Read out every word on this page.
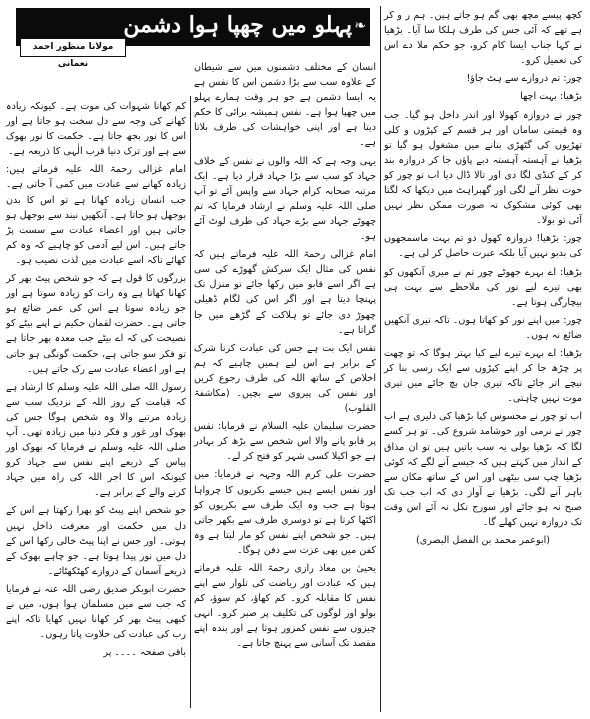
کچھ پیسے مچھ بھی گم ہو جاتے ہیں۔ ہم ر و کر ہے تھے کہ آئی جس کی طرف ہلکا سا آیا۔ بڑھیا نے کہا جناب ایسا کام کرو، جو حکم ملا دے اس کی تعمیل کرو۔

چور: تم دروازے سے ہٹ جاؤ!

بڑھیا: بہت اچھا

چور نے دروازہ کھولا اور اندر داخل ہو گیا۔ جب وہ قیمتی سامان اور ہر قسم کے کپڑوں و کلی تھڑیوں کی گٹھڑی بنانے میں مشغول ہو گیا تو بڑھیا نے آہستہ آہستہ دبے پاؤں جا کر دروازہ بند کر کے کنڈی لگا دی اور تالا ڈال دیا اب تو چور کو حوت نظر آنے لگی اور گھبراہٹ میں دیکھا کہ لگتا بھی کوئی مشکوک نہ صورت ممکن نظر نہیں آئی تو بولا۔

چور: بڑھیا! دروازہ کھول دو تم بہت ماسمجھوں کی بدبو نہیں آیا بلکہ عبرت حاصل کر لی ہے۔

بڑھیا: اے بہرے جھوٹے چور تم نے میری آنکھوں کو بھی تیرے لیے نور کی ملاحظے سے بہت ہی بیچارگی ہوتا ہے۔

چور: میں اپنے نور کو کھاتا ہوں۔ تاکہ تیری آنکھیں ضائع نہ ہوں۔

بڑھیا: اے بہرے تیرے لیے کیا بہتر ہوگا کہ تو چھت پر چڑھ جا کر اپنے کپڑوں سے ایک رسی بنا کر نیچے اتر جائے تاکہ تیری جان بچ جائے میں تیری موت نہیں چاہتی۔

اب تو چور نے محسوس کیا بڑھیا کی دلیری ہے اب چور نے نرمی اور خوشامد شروع کی۔ تو ہر کسے لگا کہ بڑھیا بولی یہ سب باتیں ہیں تو ان مذاق کے انداز میں کہتے ہیں کہ جیسے آنے لگے کہ کوئی بڑھیا چپ سی بیٹھی اور اس کے ساتھ مکان سے باہر آنے لگی۔ بڑھیا نے آواز دی کہ اب جب تک صبح نہ ہو جائے اور سورج نکل نہ آئے اس وقت تک دروازہ نہیں کھلے گا۔

(ابوعمر محمد بن الفضل البصری)

❧
پہلو میں چھپا ہوا دشمن
مولانا منظور احمد نعمانی	انسان کے مختلف دشمنوں میں سے شیطان کے علاوہ سب سے بڑا دشمن اس کا نفس ہے یہ ایسا دشمن ہے جو ہر وقت ہمارے پہلو میں چھپا ہوا ہے۔ نفس ہمیشہ برائی کا حکم دیتا ہے اور اپنی خواہشات کی طرف بلاتا ہے۔

یہی وجہ ہے کہ اللہ والوں نے نفس کے خلاف جہاد کو سب سے بڑا جہاد قرار دیا ہے۔ ایک مرتبہ صحابہ کرام جہاد سے واپس آئے تو آپ صلی اللہ علیہ وسلم نے ارشاد فرمایا کہ تم چھوٹے جہاد سے بڑے جہاد کی طرف لوٹ آئے ہو۔

امام غزالی رحمۃ اللہ علیہ فرماتے ہیں کہ نفس کی مثال ایک سرکش گھوڑے کی سی ہے اگر اسے قابو میں رکھا جائے تو منزل تک پہنچا دیتا ہے اور اگر اس کی لگام ڈھیلی چھوڑ دی جائے تو ہلاکت کے گڑھے میں جا گراتا ہے۔

نفس ایک بت ہے جس کی عبادت کرنا شرک کے برابر ہے اس لیے ہمیں چاہیے کہ ہم اخلاص کے ساتھ اللہ کی طرف رجوع کریں اور نفس کی پیروی سے بچیں۔ (مکاشفۃ القلوب)

حضرت سلیمان علیہ السلام نے فرمایا: نفس پر قابو پانے والا اس شخص سے بڑھ کر بہادر ہے جو اکیلا کسی شہر کو فتح کر لے۔

حضرت علی کرم اللہ وجہہ نے فرمایا: میں اور نفس ایسے ہیں جیسے بکریوں کا چرواہا ہوتا ہے جب وہ ایک طرف سے بکریوں کو اکٹھا کرتا ہے تو دوسری طرف سے بکھر جاتی ہیں۔ جو شخص اپنے نفس کو مار لیتا ہے وہ کفن میں بھی عزت سے دفن ہوگا۔

یحییٰ بن معاذ رازی رحمۃ اللہ علیہ فرماتے ہیں کہ عبادت اور ریاضت کی تلوار سے اپنے نفس کا مقابلہ کرو۔ کم کھاؤ، کم سوؤ، کم بولو اور لوگوں کی تکلیف پر صبر کرو۔ انہی چیزوں سے نفس کمزور ہوتا ہے اور بندہ اپنے مقصد تک آسانی سے پہنچ جاتا ہے۔

کم کھانا شہوات کی موت ہے۔ کیونکہ زیادہ کھانے کی وجہ سے دل سخت ہو جاتا ہے اور اس کا نور بجھ جاتا ہے۔ حکمت کا نور بھوک سے ہے اور ترک دنیا قرب الٰہی کا ذریعہ ہے۔

امام غزالی رحمۃ اللہ علیہ فرماتے ہیں: زیادہ کھانے سے عبادت میں کمی آ جاتی ہے۔ جب انسان زیادہ کھاتا ہے تو اس کا بدن بوجھل ہو جاتا ہے۔ آنکھیں نیند سے بوجھل ہو جاتی ہیں اور اعضاء عبادت سے سست پڑ جاتے ہیں۔ اس لیے آدمی کو چاہیے کہ وہ کم کھائے تاکہ اسے عبادت میں لذت نصیب ہو۔

بزرگوں کا قول ہے کہ جو شخص پیٹ بھر کر کھانا کھاتا ہے وہ رات کو زیادہ سوتا ہے اور جو زیادہ سوتا ہے اس کی عمر ضائع ہو جاتی ہے۔ حضرت لقمان حکیم نے اپنے بیٹے کو نصیحت کی کہ اے بیٹے جب معدہ بھر جاتا ہے تو فکر سو جاتی ہے، حکمت گونگی ہو جاتی ہے اور اعضاء عبادت سے رک جاتے ہیں۔

رسول اللہ صلی اللہ علیہ وسلم کا ارشاد ہے کہ قیامت کے روز اللہ کے نزدیک سب سے زیادہ مرتبے والا وہ شخص ہوگا جس کی بھوک اور غور و فکر دنیا میں زیادہ تھی۔ آپ صلی اللہ علیہ وسلم نے فرمایا کہ بھوک اور پیاس کے ذریعے اپنے نفس سے جہاد کرو کیونکہ اس کا اجر اللہ کی راہ میں جہاد کرنے والے کے برابر ہے۔

جو شخص اپنے پیٹ کو بھرا رکھتا ہے اس کے دل میں حکمت اور معرفت داخل نہیں ہوتی۔ اور جس نے اپنا پیٹ خالی رکھا اس کے دل میں نور پیدا ہوتا ہے۔ جو چاہے بھوک کے ذریعے آسمان کے دروازے کھٹکھٹائے۔

حضرت ابوبکر صدیق رضی اللہ عنہ نے فرمایا کہ جب سے میں مسلمان ہوا ہوں، میں نے کبھی پیٹ بھر کر کھانا نہیں کھایا تاکہ اپنے رب کی عبادت کی حلاوت پاتا رہوں۔

باقی صفحہ ۔۔۔۔ پر
